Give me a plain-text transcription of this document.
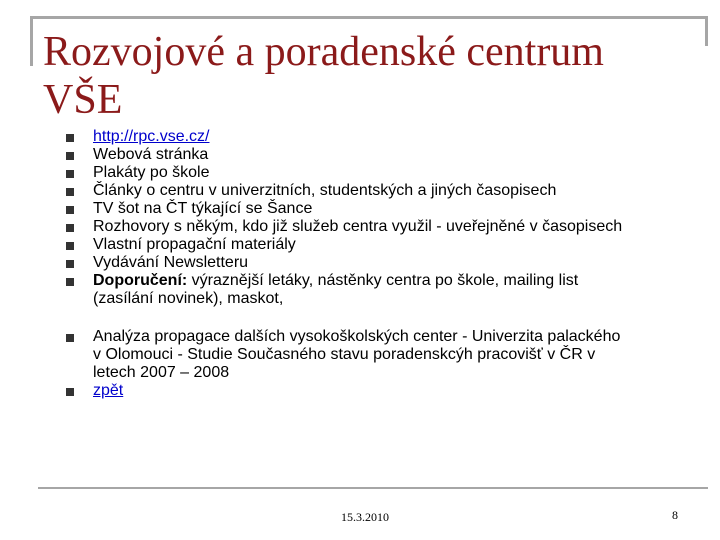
Rozvojové a poradenské centrum VŠE
http://rpc.vse.cz/
Webová stránka
Plakáty po škole
Články o centru v univerzitních, studentských a jiných časopisech
TV šot na ČT týkající se Šance
Rozhovory s někým, kdo již služeb centra využil - uveřejněné v časopisech
Vlastní propagační materiály
Vydávání Newsletteru
Doporučení: výraznější letáky, nástěnky centra po škole, mailing list (zasílání novinek), maskot,
Analýza propagace dalších vysokoškolských center - Univerzita palackého v Olomouci - Studie Současného stavu poradenskcýh pracovišť v ČR v letech 2007 – 2008
zpět
15.3.2010	8
